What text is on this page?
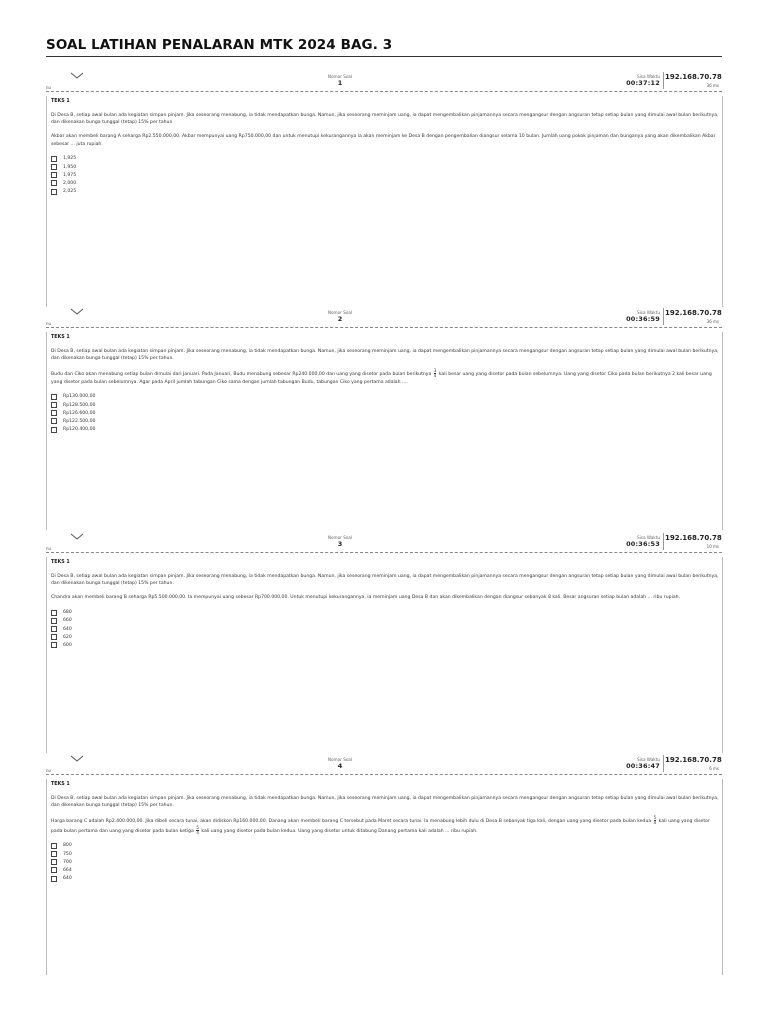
SOAL LATIHAN PENALARAN MTK 2024 BAG. 3
nu
Nomor Soal
1
Sisa Waktu
00:37:12
192.168.70.78
36 ms
TEKS 1
Di Desa B, setiap awal bulan ada kegiatan simpan pinjam. Jika seseorang menabung, ia tidak mendapatkan bunga. Namun, jika seseorang meminjam uang, ia dapat mengembalikan pinjamannya secara mengangsur dengan angsuran tetap setiap bulan yang dimulai awal bulan berikutnya, dan dikenakan bunga tunggal (tetap) 15% per tahun.
Akbar akan membeli barang A seharga Rp2.550.000,00. Akbar mempunyai uang Rp750.000,00 dan untuk menutupi kekurangannya ia akan meminjam ke Desa B dengan pengembalian diangsur selama 10 bulan. Jumlah uang pokok pinjaman dan bunganya yang akan dikembalikan Akbar sebesar ... juta rupiah.
1,925
1,950
1,975
2,000
2,025
nu
Nomor Soal
2
Sisa Waktu
00:36:59
192.168.70.78
36 ms
TEKS 1
Di Desa B, setiap awal bulan ada kegiatan simpan pinjam. Jika seseorang menabung, ia tidak mendapatkan bunga. Namun, jika seseorang meminjam uang, ia dapat mengembalikan pinjamannya secara mengangsur dengan angsuran tetap setiap bulan yang dimulai awal bulan berikutnya, dan dikenakan bunga tunggal (tetap) 15% per tahun.
Budu dan Ciko akan menabung setiap bulan dimulai dari Januari. Pada Januari, Budu menabung sebesar Rp240.000,00 dan uang yang disetor pada bulan berikutnya $\frac{3}{4}$ kali besar uang yang disetor pada bulan sebelumnya. Uang yang disetor Ciko pada bulan berikutnya 2 kali besar uang yang disetor pada bulan sebelumnya. Agar pada April jumlah tabungan Ciko sama dengan jumlah tabungan Budu, tabungan Ciko yang pertama adalah ....
Rp130.000,00
Rp128.500,00
Rp126.600,00
Rp122.500,00
Rp120.400,00
nu
Nomor Soal
3
Sisa Waktu
00:36:53
192.168.70.78
10 ms
TEKS 1
Di Desa B, setiap awal bulan ada kegiatan simpan pinjam. Jika seseorang menabung, ia tidak mendapatkan bunga. Namun, jika seseorang meminjam uang, ia dapat mengembalikan pinjamannya secara mengangsur dengan angsuran tetap setiap bulan yang dimulai awal bulan berikutnya, dan dikenakan bunga tunggal (tetap) 15% per tahun.
Chandra akan membeli barang B seharga Rp5.500.000,00. Ia mempunyai uang sebesar Rp700.000,00. Untuk menutupi kekurangannya, ia meminjam uang Desa B dan akan dikembalikan dengan diangsur sebanyak 8 kali. Besar angsuran setiap bulan adalah ... ribu rupiah.
680
660
640
620
600
nu
Nomor Soal
4
Sisa Waktu
00:36:47
192.168.70.78
6 ms
TEKS 1
Di Desa B, setiap awal bulan ada kegiatan simpan pinjam. Jika seseorang menabung, ia tidak mendapatkan bunga. Namun, jika seseorang meminjam uang, ia dapat mengembalikan pinjamannya secara mengangsur dengan angsuran tetap setiap bulan yang dimulai awal bulan berikutnya, dan dikenakan bunga tunggal (tetap) 15% per tahun.
Harga barang C adalah Rp2.400.000,00. Jika dibeli secara tunai, akan didiskon Rp160.000,00. Danang akan membeli barang C tersebut pada Maret secara tunai. Ia menabung lebih dulu di Desa B sebanyak tiga kali, dengan uang yang disetor pada bulan kedua $\frac{5}{4}$ kali uang yang disetor pada bulan pertama dan uang yang disetor pada bulan ketiga $\frac{5}{4}$ kali uang yang disetor pada bulan kedua. Uang yang disetor untuk ditabung Danang pertama kali adalah ... ribu rupiah.
800
750
700
664
640
